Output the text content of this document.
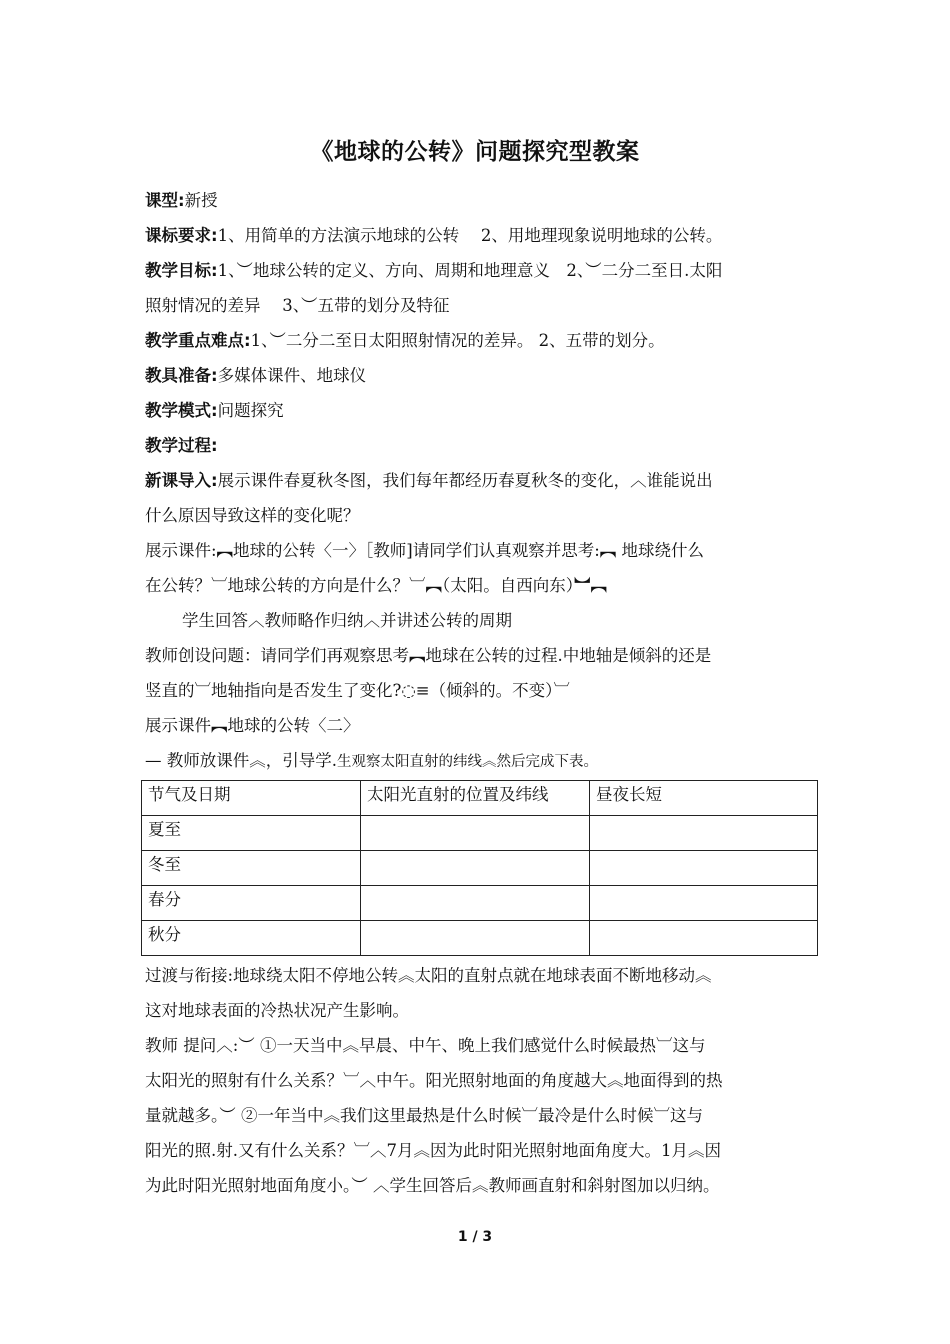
《地球的公转》问题探究型教案
课型:新授
课标要求:1、用简单的方法演示地球的公转　 2、用地理现象说明地球的公转。
教学目标:1、︶地球公转的定义、方向、周期和地理意义　2、︶二分二至日.太阳
照射情况的差异　 3、︶五带的划分及特征
教学重点难点:1、︶二分二至日太阳照射情况的差异。 2、五带的划分。
教具准备:多媒体课件、地球仪
教学模式:问题探究
教学过程:
新课导入:展示课件春夏秋冬图，我们每年都经历春夏秋冬的变化，︿谁能说出
什么原因导致这样的变化呢？
展示课件:︻地球的公转〈一〉［教师]请同学们认真观察并思考:︻ 地球绕什么
在公转？︺地球公转的方向是什么？︺︻（太阳。自西向东）︼︻
学生回答︿教师略作归纳︿并讲述公转的周期
教师创设问题：请同学们再观察思考︻地球在公转的过程.中地轴是倾斜的还是
竖直的︺地轴指向是否发生了变化?◌≡（倾斜的。不变）︺
展示课件︻地球的公转〈二〉
— 教师放课件︽，引导学.生观察太阳直射的纬线︽然后完成下表。
节气及日期	太阳光直射的位置及纬线	昼夜长短
夏至		
冬至		
春分		
秋分		
过渡与衔接:地球绕太阳不停地公转︽太阳的直射点就在地球表面不断地移动︽
这对地球表面的冷热状况产生影响。
教师 提问︿:︶ ①一天当中︽早晨、中午、晚上我们感觉什么时候最热︺这与
太阳光的照射有什么关系？︺︿中午。阳光照射地面的角度越大︽地面得到的热
量就越多。︶ ②一年当中︽我们这里最热是什么时候︺最冷是什么时候︺这与
阳光的照.射.又有什么关系？︺︿7月︽因为此时阳光照射地面角度大。1月︽因
为此时阳光照射地面角度小。︶ ︿学生回答后︽教师画直射和斜射图加以归纳。
1 / 3
